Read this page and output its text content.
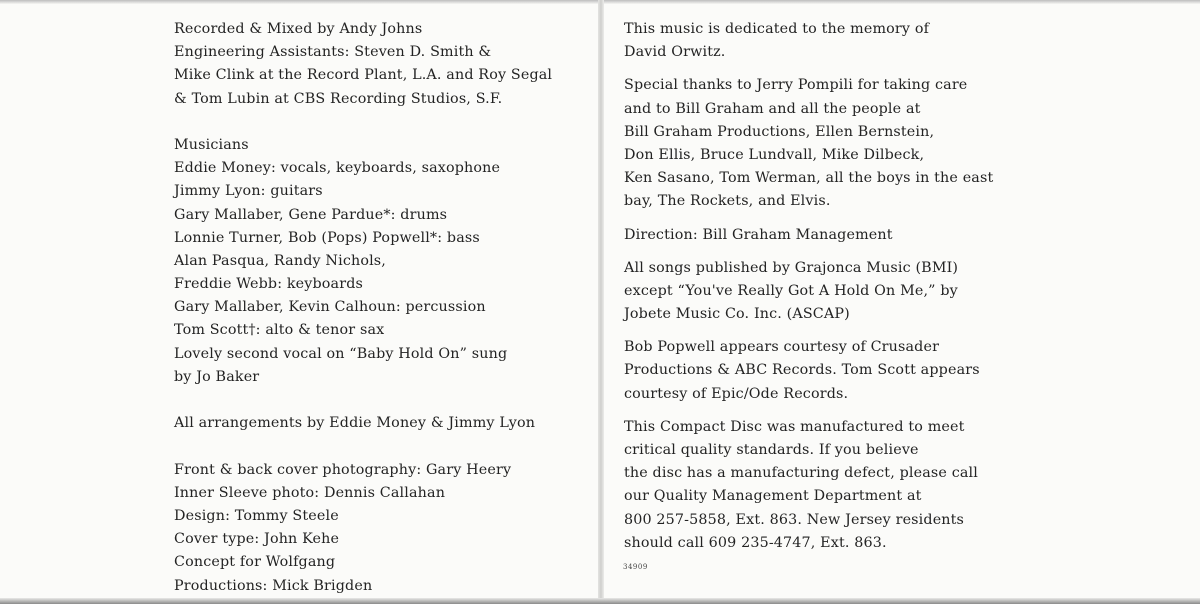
Recorded & Mixed by Andy Johns
Engineering Assistants: Steven D. Smith &
Mike Clink at the Record Plant, L.A. and Roy Segal
& Tom Lubin at CBS Recording Studios, S.F.
Musicians
Eddie Money: vocals, keyboards, saxophone
Jimmy Lyon: guitars
Gary Mallaber, Gene Pardue*: drums
Lonnie Turner, Bob (Pops) Popwell*: bass
Alan Pasqua, Randy Nichols,
Freddie Webb: keyboards
Gary Mallaber, Kevin Calhoun: percussion
Tom Scott†: alto & tenor sax
Lovely second vocal on “Baby Hold On” sung
by Jo Baker
All arrangements by Eddie Money & Jimmy Lyon
Front & back cover photography: Gary Heery
Inner Sleeve photo: Dennis Callahan
Design: Tommy Steele
Cover type: John Kehe
Concept for Wolfgang
Productions: Mick Brigden
This music is dedicated to the memory of
David Orwitz.
Special thanks to Jerry Pompili for taking care
and to Bill Graham and all the people at
Bill Graham Productions, Ellen Bernstein,
Don Ellis, Bruce Lundvall, Mike Dilbeck,
Ken Sasano, Tom Werman, all the boys in the east
bay, The Rockets, and Elvis.
Direction: Bill Graham Management
All songs published by Grajonca Music (BMI)
except “You've Really Got A Hold On Me,” by
Jobete Music Co. Inc. (ASCAP)
Bob Popwell appears courtesy of Crusader
Productions & ABC Records. Tom Scott appears
courtesy of Epic/Ode Records.
This Compact Disc was manufactured to meet
critical quality standards. If you believe
the disc has a manufacturing defect, please call
our Quality Management Department at
800 257-5858, Ext. 863. New Jersey residents
should call 609 235-4747, Ext. 863.
34909
